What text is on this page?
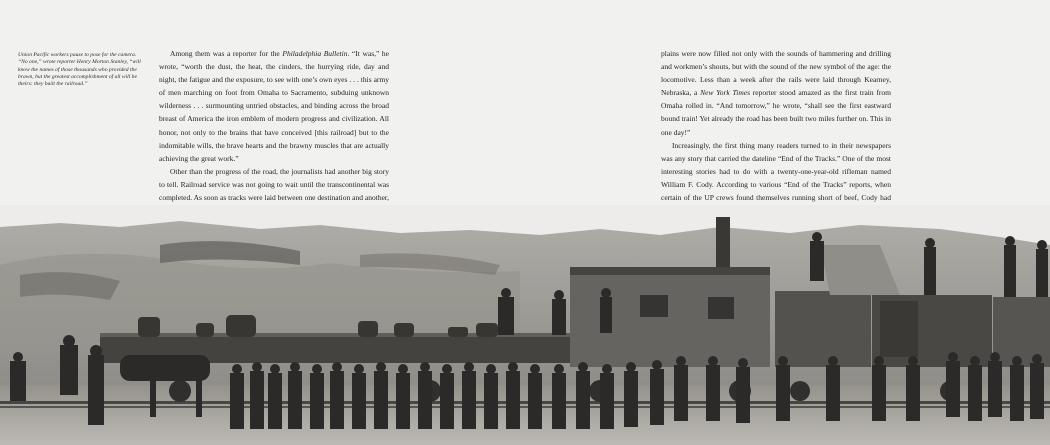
Union Pacific workers pause to pose for the camera. “No one,” wrote reporter Henry Morton Stanley, “will know the names of those thousands who provided the brawn, but the greatest accomplishment of all will be theirs: they built the railroad.”

Among them was a reporter for the Philadelphia Bulletin. “It was,” he wrote, “worth the dust, the heat, the cinders, the hurrying ride, day and night, the fatigue and the exposure, to see with one’s own eyes . . . this army of men marching on foot from Omaha to Sacramento, subduing unknown wilderness . . . surmounting untried obstacles, and binding across the broad breast of America the iron emblem of modern progress and civilization. All honor, not only to the brains that have conceived [this railroad] but to the indomitable wills, the brave hearts and the brawny muscles that are actually achieving the great work.”

Other than the progress of the road, the journalists had another big story to tell. Railroad service was not going to wait until the transcontinental was completed. As soon as tracks were laid between one destination and another,

plains were now filled not only with the sounds of hammering and drilling and workmen’s shouts, but with the sound of the new symbol of the age: the locomotive. Less than a week after the rails were laid through Kearney, Nebraska, a New York Times reporter stood amazed as the first train from Omaha rolled in. “And tomorrow,” he wrote, “shall see the first eastward bound train! Yet already the road has been built two miles further on. This in one day!”

Increasingly, the first thing many readers turned to in their newspapers was any story that carried the dateline “End of the Tracks.” One of the most interesting stories had to do with a twenty-one-year-old rifleman named William F. Cody. According to various “End of the Tracks” reports, when certain of the UP crews found themselves running short of beef, Cody had
